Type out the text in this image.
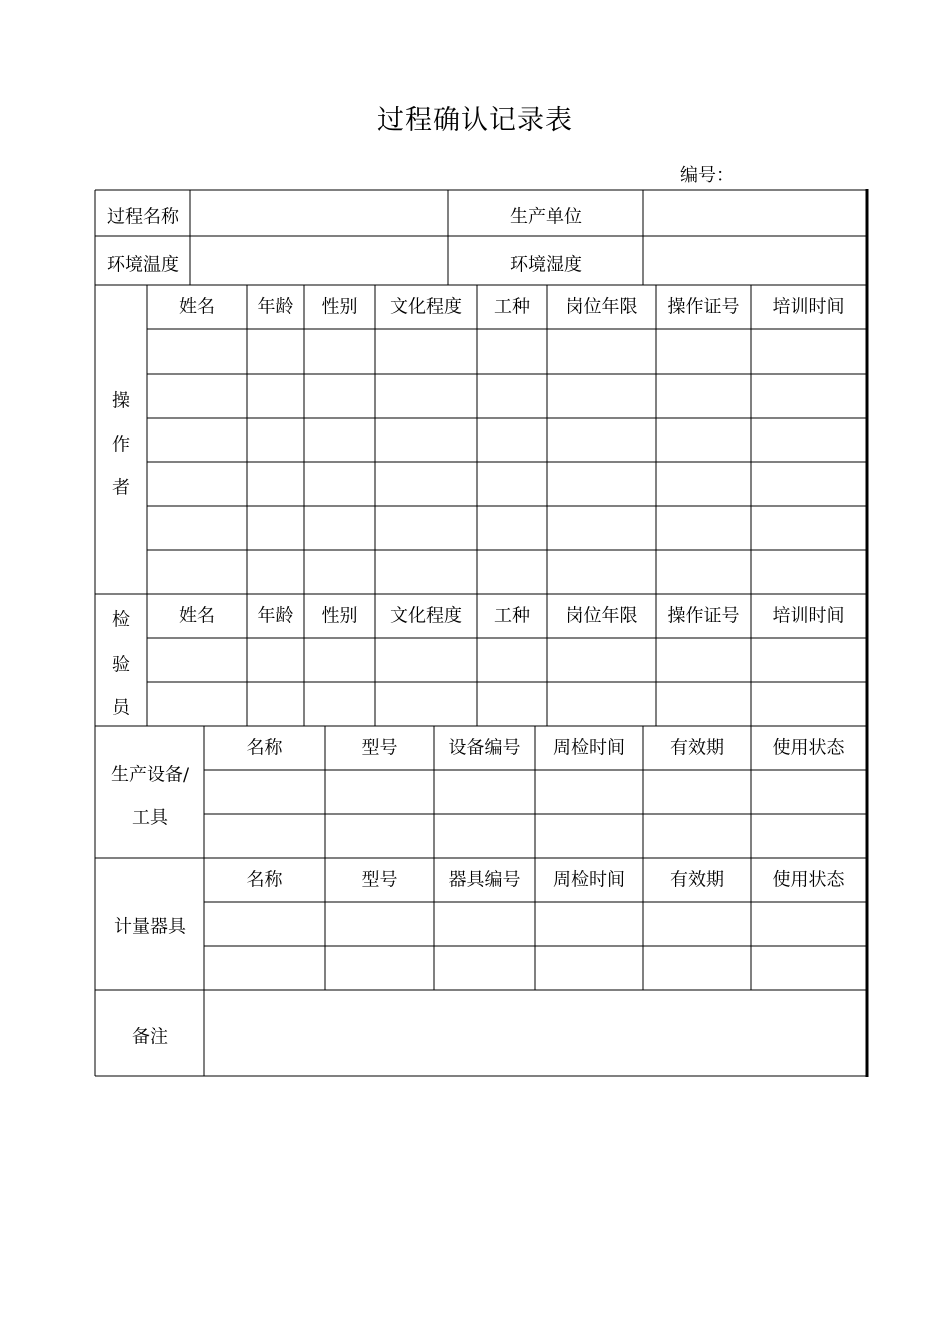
过程确认记录表
编号：
过程名称	生产单位
环境温度	环境湿度
姓名 年龄 性别 文化程度 工种 岗位年限 操作证号 培训时间
操
作
者
姓名 年龄 性别 文化程度 工种 岗位年限 操作证号 培训时间
检
验
员
名称	型号	设备编号 周检时间	有效期	使用状态
生产设备/
工具
名称	型号	器具编号 周检时间	有效期	使用状态
计量器具
备注
